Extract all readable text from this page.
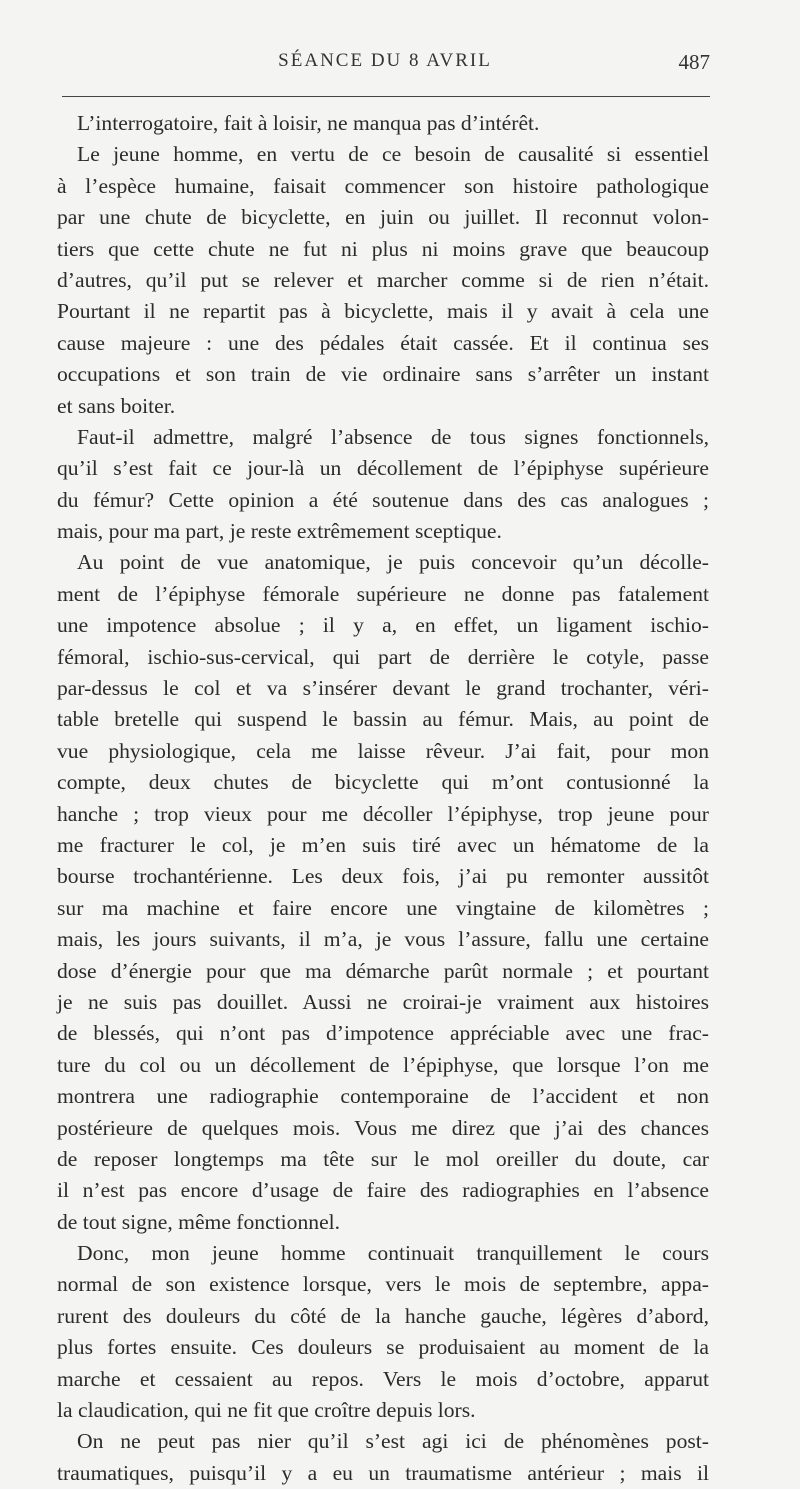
SÉANCE DU 8 AVRIL	487
L’interrogatoire, fait à loisir, ne manqua pas d’intérêt.
Le jeune homme, en vertu de ce besoin de causalité si essentiel
à l’espèce humaine, faisait commencer son histoire pathologique
par une chute de bicyclette, en juin ou juillet. Il reconnut volon-
tiers que cette chute ne fut ni plus ni moins grave que beaucoup
d’autres, qu’il put se relever et marcher comme si de rien n’était.
Pourtant il ne repartit pas à bicyclette, mais il y avait à cela une
cause majeure : une des pédales était cassée. Et il continua ses
occupations et son train de vie ordinaire sans s’arrêter un instant
et sans boiter.
Faut-il admettre, malgré l’absence de tous signes fonctionnels,
qu’il s’est fait ce jour-là un décollement de l’épiphyse supérieure
du fémur? Cette opinion a été soutenue dans des cas analogues ;
mais, pour ma part, je reste extrêmement sceptique.
Au point de vue anatomique, je puis concevoir qu’un décolle-
ment de l’épiphyse fémorale supérieure ne donne pas fatalement
une impotence absolue ; il y a, en effet, un ligament ischio-
fémoral, ischio-sus-cervical, qui part de derrière le cotyle, passe
par-dessus le col et va s’insérer devant le grand trochanter, véri-
table bretelle qui suspend le bassin au fémur. Mais, au point de
vue physiologique, cela me laisse rêveur. J’ai fait, pour mon
compte, deux chutes de bicyclette qui m’ont contusionné la
hanche ; trop vieux pour me décoller l’épiphyse, trop jeune pour
me fracturer le col, je m’en suis tiré avec un hématome de la
bourse trochantérienne. Les deux fois, j’ai pu remonter aussitôt
sur ma machine et faire encore une vingtaine de kilomètres ;
mais, les jours suivants, il m’a, je vous l’assure, fallu une certaine
dose d’énergie pour que ma démarche parût normale ; et pourtant
je ne suis pas douillet. Aussi ne croirai-je vraiment aux histoires
de blessés, qui n’ont pas d’impotence appréciable avec une frac-
ture du col ou un décollement de l’épiphyse, que lorsque l’on me
montrera une radiographie contemporaine de l’accident et non
postérieure de quelques mois. Vous me direz que j’ai des chances
de reposer longtemps ma tête sur le mol oreiller du doute, car
il n’est pas encore d’usage de faire des radiographies en l’absence
de tout signe, même fonctionnel.
Donc, mon jeune homme continuait tranquillement le cours
normal de son existence lorsque, vers le mois de septembre, appa-
rurent des douleurs du côté de la hanche gauche, légères d’abord,
plus fortes ensuite. Ces douleurs se produisaient au moment de la
marche et cessaient au repos. Vers le mois d’octobre, apparut
la claudication, qui ne fit que croître depuis lors.
On ne peut pas nier qu’il s’est agi ici de phénomènes post-
traumatiques, puisqu’il y a eu un traumatisme antérieur ; mais il
